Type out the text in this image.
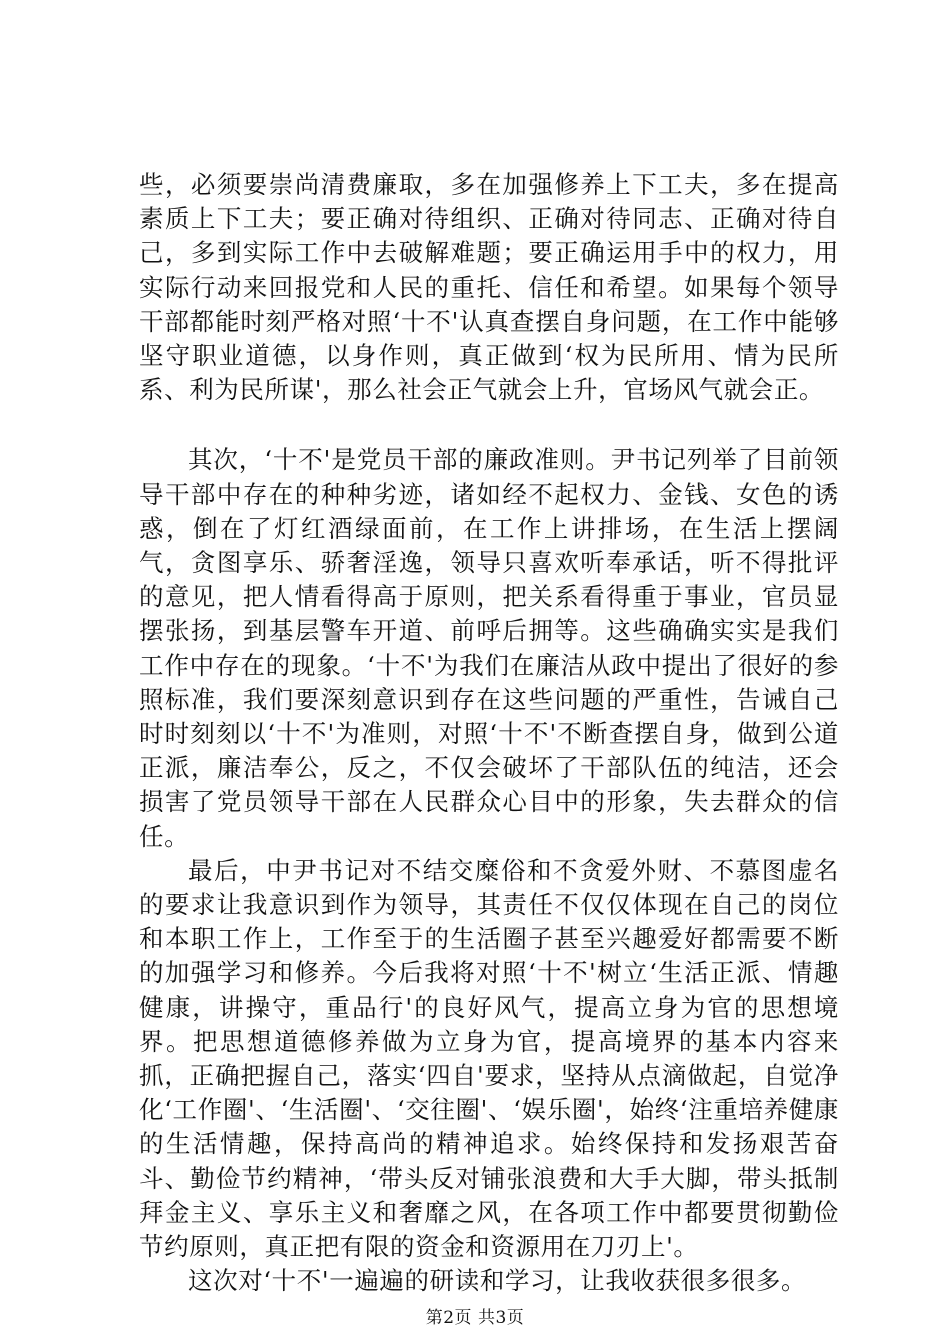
些，必须要崇尚清费廉取，多在加强修养上下工夫，多在提高素质上下工夫；要正确对待组织、正确对待同志、正确对待自己，多到实际工作中去破解难题；要正确运用手中的权力，用实际行动来回报党和人民的重托、信任和希望。如果每个领导干部都能时刻严格对照‘十不'认真查摆自身问题，在工作中能够坚守职业道德，以身作则，真正做到‘权为民所用、情为民所系、利为民所谋'，那么社会正气就会上升，官场风气就会正。

其次，‘十不'是党员干部的廉政准则。尹书记列举了目前领导干部中存在的种种劣迹，诸如经不起权力、金钱、女色的诱惑，倒在了灯红酒绿面前，在工作上讲排场，在生活上摆阔气，贪图享乐、骄奢淫逸，领导只喜欢听奉承话，听不得批评的意见，把人情看得高于原则，把关系看得重于事业，官员显摆张扬，到基层警车开道、前呼后拥等。这些确确实实是我们工作中存在的现象。‘十不'为我们在廉洁从政中提出了很好的参照标准，我们要深刻意识到存在这些问题的严重性，告诫自己时时刻刻以‘十不'为准则，对照‘十不'不断查摆自身，做到公道正派，廉洁奉公，反之，不仅会破坏了干部队伍的纯洁，还会损害了党员领导干部在人民群众心目中的形象，失去群众的信任。

最后，中尹书记对不结交糜俗和不贪爱外财、不慕图虚名的要求让我意识到作为领导，其责任不仅仅体现在自己的岗位和本职工作上，工作至于的生活圈子甚至兴趣爱好都需要不断的加强学习和修养。今后我将对照‘十不'树立‘生活正派、情趣健康，讲操守，重品行'的良好风气，提高立身为官的思想境界。把思想道德修养做为立身为官，提高境界的基本内容来抓，正确把握自己，落实‘四自'要求，坚持从点滴做起，自觉净化‘工作圈'、‘生活圈'、‘交往圈'、‘娱乐圈'，始终‘注重培养健康的生活情趣，保持高尚的精神追求。始终保持和发扬艰苦奋斗、勤俭节约精神，‘带头反对铺张浪费和大手大脚，带头抵制拜金主义、享乐主义和奢靡之风，在各项工作中都要贯彻勤俭节约原则，真正把有限的资金和资源用在刀刃上'。

这次对‘十不'一遍遍的研读和学习，让我收获很多很多。

第2页 共3页
